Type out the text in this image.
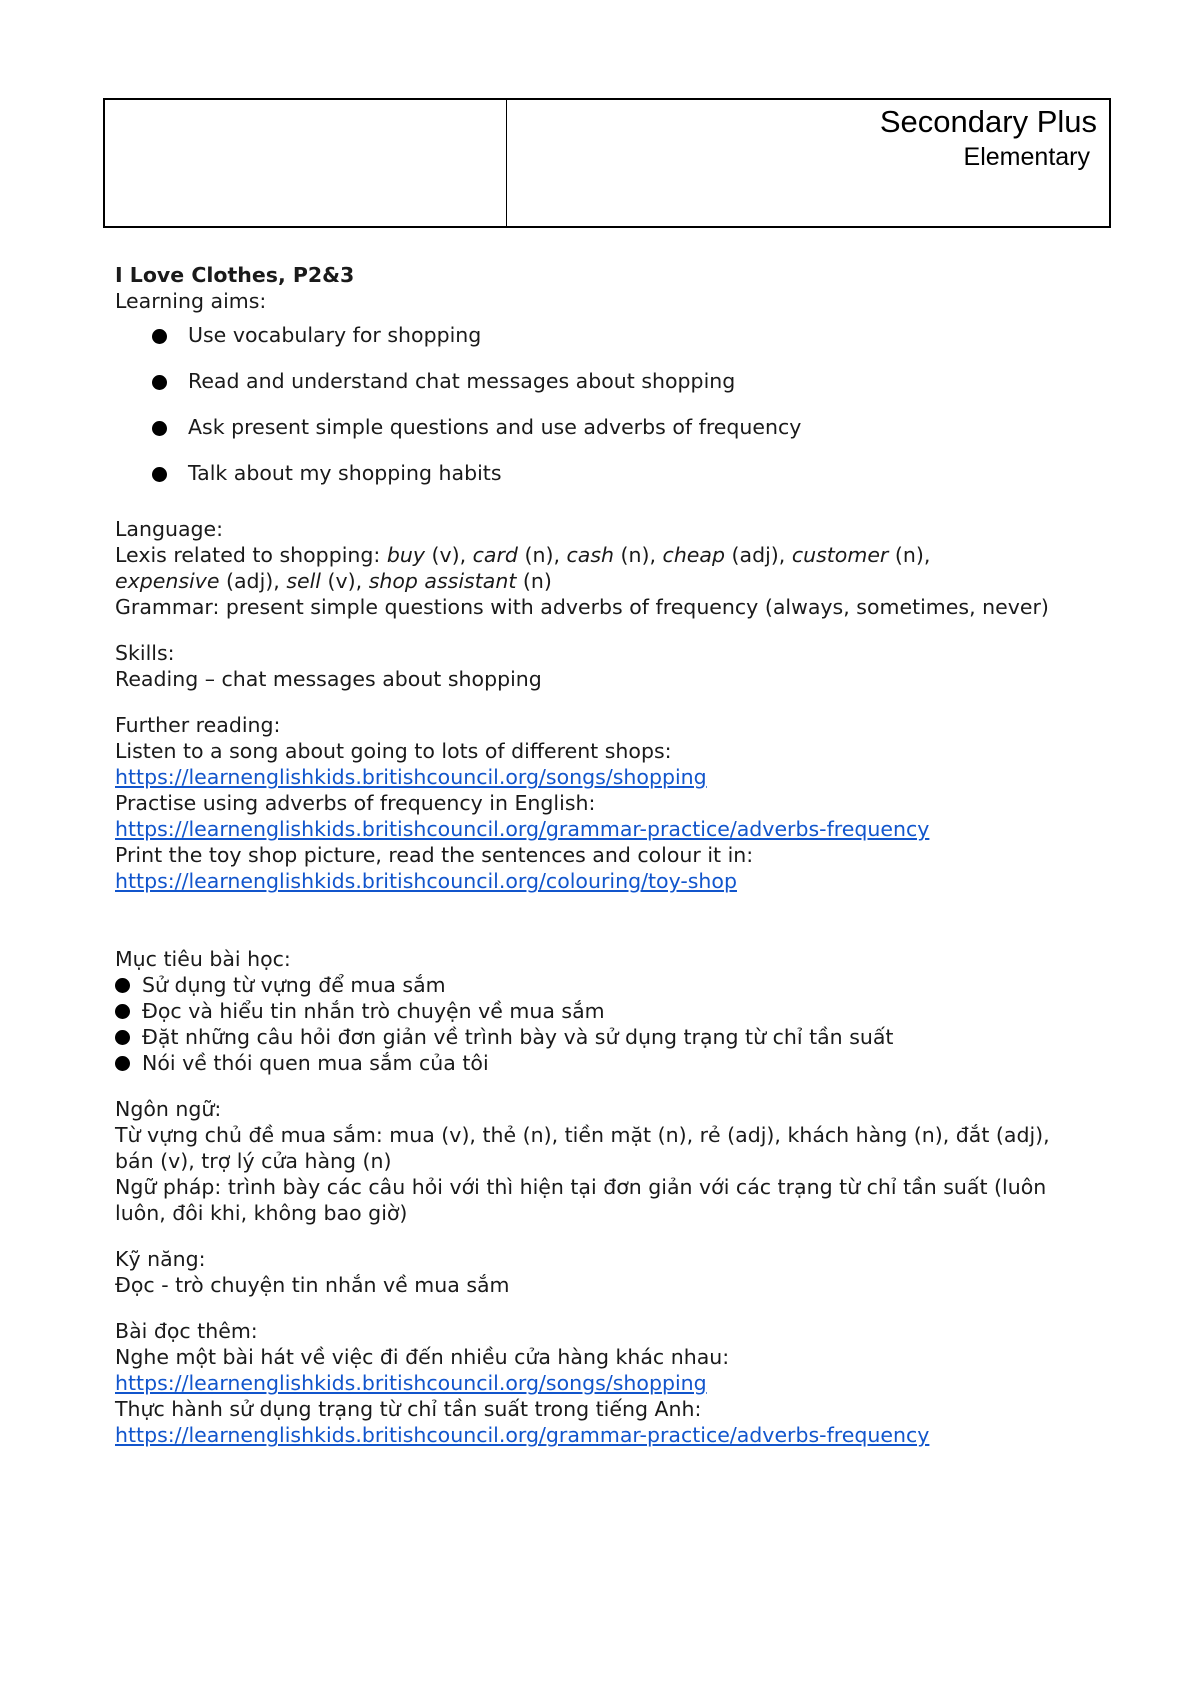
Secondary Plus
Elementary

I Love Clothes, P2&3

Learning aims:

Use vocabulary for shopping
Read and understand chat messages about shopping
Ask present simple questions and use adverbs of frequency
Talk about my shopping habits

Language:

Lexis related to shopping: buy (v), card (n), cash (n), cheap (adj), customer (n),
expensive (adj), sell (v), shop assistant (n)

Grammar: present simple questions with adverbs of frequency (always, sometimes, never)

Skills:

Reading – chat messages about shopping

Further reading:

Listen to a song about going to lots of different shops:

https://learnenglishkids.britishcouncil.org/songs/shopping

Practise using adverbs of frequency in English:

https://learnenglishkids.britishcouncil.org/grammar-practice/adverbs-frequency

Print the toy shop picture, read the sentences and colour it in:

https://learnenglishkids.britishcouncil.org/colouring/toy-shop

Mục tiêu bài học:

Sử dụng từ vựng để mua sắm
Đọc và hiểu tin nhắn trò chuyện về mua sắm
Đặt những câu hỏi đơn giản về trình bày và sử dụng trạng từ chỉ tần suất
Nói về thói quen mua sắm của tôi

Ngôn ngữ:

Từ vựng chủ đề mua sắm: mua (v), thẻ (n), tiền mặt (n), rẻ (adj), khách hàng (n), đắt (adj), bán (v), trợ lý cửa hàng (n)

Ngữ pháp: trình bày các câu hỏi với thì hiện tại đơn giản với các trạng từ chỉ tần suất (luôn luôn, đôi khi, không bao giờ)

Kỹ năng:

Đọc - trò chuyện tin nhắn về mua sắm

Bài đọc thêm:

Nghe một bài hát về việc đi đến nhiều cửa hàng khác nhau:

https://learnenglishkids.britishcouncil.org/songs/shopping

Thực hành sử dụng trạng từ chỉ tần suất trong tiếng Anh:

https://learnenglishkids.britishcouncil.org/grammar-practice/adverbs-frequency
